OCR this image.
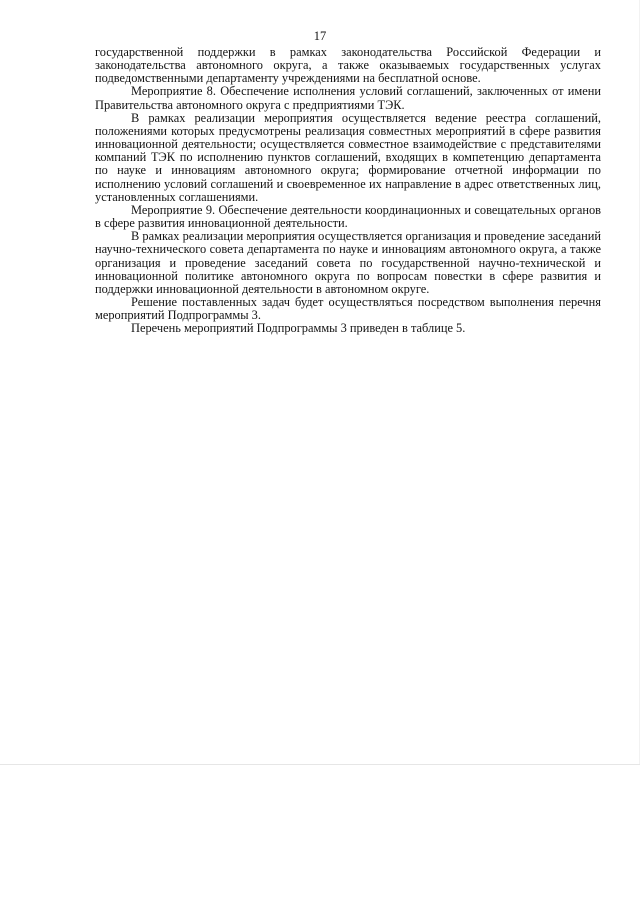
17

государственной поддержки в рамках законодательства Российской Федерации и законодательства автономного округа, а также оказываемых государственных услугах подведомственными департаменту учреждениями на бесплатной основе.

Мероприятие 8. Обеспечение исполнения условий соглашений, заключенных от имени Правительства автономного округа с предприятиями ТЭК.

В рамках реализации мероприятия осуществляется ведение реестра соглашений, положениями которых предусмотрены реализация совместных мероприятий в сфере развития инновационной деятельности; осуществляется совместное взаимодействие с представителями компаний ТЭК по исполнению пунктов соглашений, входящих в компетенцию департамента по науке и инновациям автономного округа; формирование отчетной информации по исполнению условий соглашений и своевременное их направление в адрес ответственных лиц, установленных соглашениями.

Мероприятие 9. Обеспечение деятельности координационных и совещательных органов в сфере развития инновационной деятельности.

В рамках реализации мероприятия осуществляется организация и проведение заседаний научно-технического совета департамента по науке и инновациям автономного округа, а также организация и проведение заседаний совета по государственной научно-технической и инновационной политике автономного округа по вопросам повестки в сфере развития и поддержки инновационной деятельности в автономном округе.

Решение поставленных задач будет осуществляться посредством выполнения перечня мероприятий Подпрограммы 3.

Перечень мероприятий Подпрограммы 3 приведен в таблице 5.
